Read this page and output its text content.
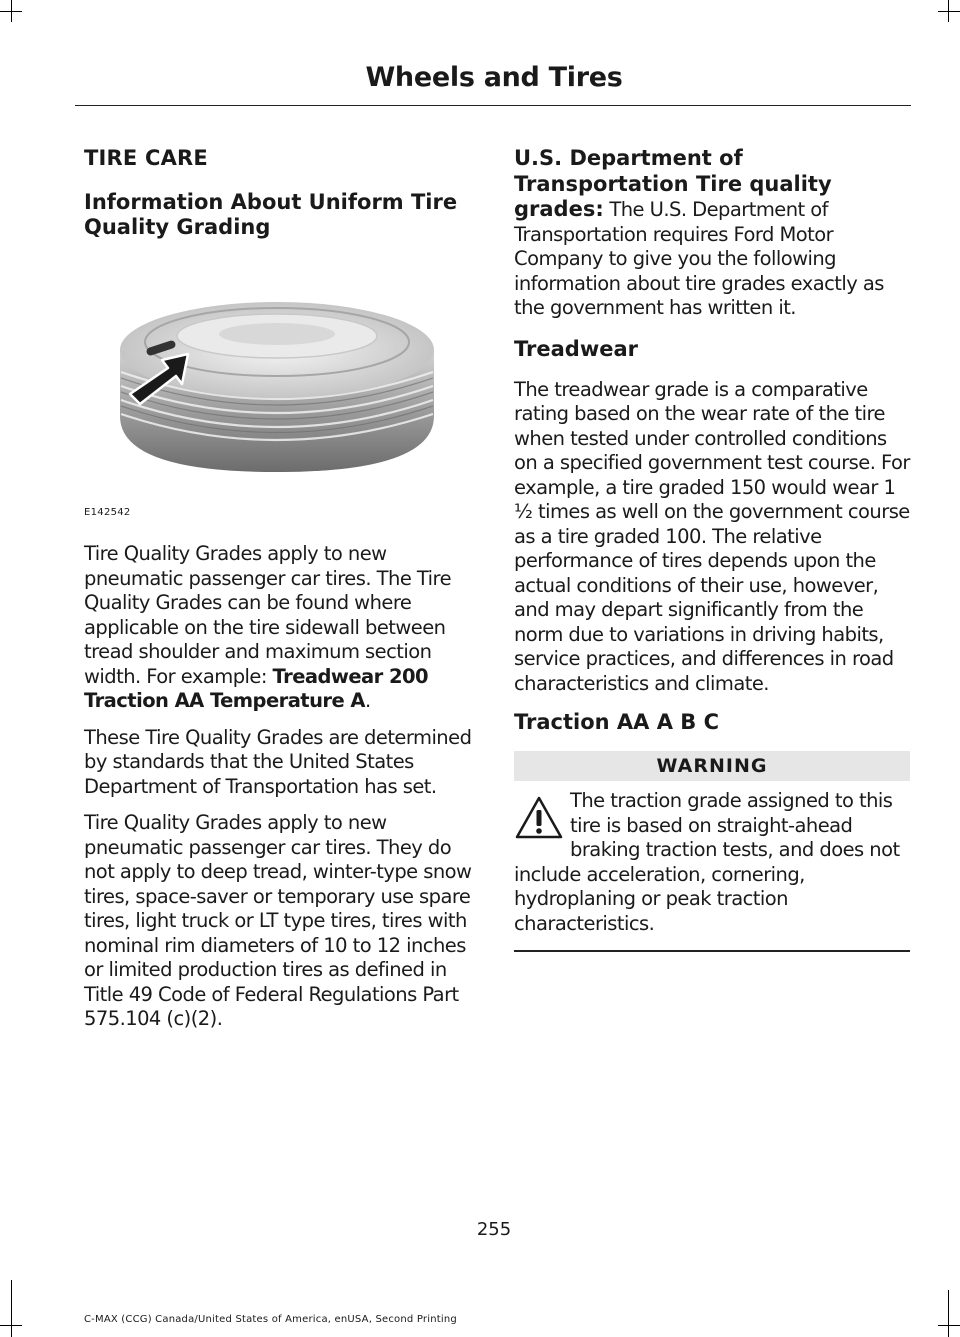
Wheels and Tires
TIRE CARE
Information About Uniform Tire Quality Grading
E142542

Tire Quality Grades apply to new pneumatic passenger car tires. The Tire Quality Grades can be found where applicable on the tire sidewall between tread shoulder and maximum section width. For example: Treadwear 200 Traction AA Temperature A.

These Tire Quality Grades are determined by standards that the United States Department of Transportation has set.

Tire Quality Grades apply to new pneumatic passenger car tires. They do not apply to deep tread, winter-type snow tires, space-saver or temporary use spare tires, light truck or LT type tires, tires with nominal rim diameters of 10 to 12 inches or limited production tires as defined in Title 49 Code of Federal Regulations Part 575.104 (c)(2).

U.S. Department of Transportation Tire quality grades: The U.S. Department of Transportation requires Ford Motor Company to give you the following information about tire grades exactly as the government has written it.

Treadwear

The treadwear grade is a comparative rating based on the wear rate of the tire when tested under controlled conditions on a specified government test course. For example, a tire graded 150 would wear 1 ½ times as well on the government course as a tire graded 100. The relative performance of tires depends upon the actual conditions of their use, however, and may depart significantly from the norm due to variations in driving habits, service practices, and differences in road characteristics and climate.

Traction AA A B C
WARNING
The traction grade assigned to this tire is based on straight-ahead braking traction tests, and does not include acceleration, cornering, hydroplaning or peak traction characteristics.
255
C-MAX (CCG) Canada/United States of America, enUSA, Second Printing
